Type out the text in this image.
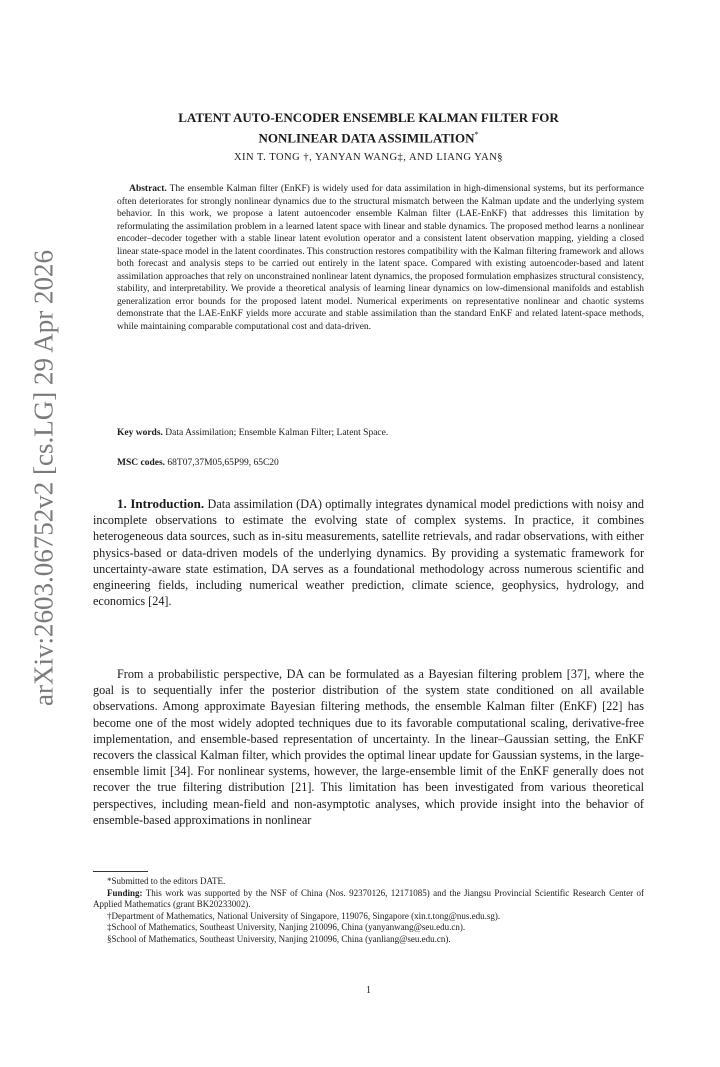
arXiv:2603.06752v2 [cs.LG] 29 Apr 2026
LATENT AUTO-ENCODER ENSEMBLE KALMAN FILTER FOR
NONLINEAR DATA ASSIMILATION*
XIN T. TONG †, YANYAN WANG‡, AND LIANG YAN§

Abstract. The ensemble Kalman filter (EnKF) is widely used for data assimilation in high-dimensional systems, but its performance often deteriorates for strongly nonlinear dynamics due to the structural mismatch between the Kalman update and the underlying system behavior. In this work, we propose a latent autoencoder ensemble Kalman filter (LAE-EnKF) that addresses this limitation by reformulating the assimilation problem in a learned latent space with linear and stable dynamics. The proposed method learns a nonlinear encoder–decoder together with a stable linear latent evolution operator and a consistent latent observation mapping, yielding a closed linear state-space model in the latent coordinates. This construction restores compatibility with the Kalman filtering framework and allows both forecast and analysis steps to be carried out entirely in the latent space. Compared with existing autoencoder-based and latent assimilation approaches that rely on unconstrained nonlinear latent dynamics, the proposed formulation emphasizes structural consistency, stability, and interpretability. We provide a theoretical analysis of learning linear dynamics on low-dimensional manifolds and establish generalization error bounds for the proposed latent model. Numerical experiments on representative nonlinear and chaotic systems demonstrate that the LAE-EnKF yields more accurate and stable assimilation than the standard EnKF and related latent-space methods, while maintaining comparable computational cost and data-driven.

Key words. Data Assimilation; Ensemble Kalman Filter; Latent Space.
MSC codes. 68T07,37M05,65P99, 65C20

1. Introduction. Data assimilation (DA) optimally integrates dynamical model predictions with noisy and incomplete observations to estimate the evolving state of complex systems. In practice, it combines heterogeneous data sources, such as in-situ measurements, satellite retrievals, and radar observations, with either physics-based or data-driven models of the underlying dynamics. By providing a systematic framework for uncertainty-aware state estimation, DA serves as a foundational methodology across numerous scientific and engineering fields, including numerical weather prediction, climate science, geophysics, hydrology, and economics [24].

From a probabilistic perspective, DA can be formulated as a Bayesian filtering problem [37], where the goal is to sequentially infer the posterior distribution of the system state conditioned on all available observations. Among approximate Bayesian filtering methods, the ensemble Kalman filter (EnKF) [22] has become one of the most widely adopted techniques due to its favorable computational scaling, derivative-free implementation, and ensemble-based representation of uncertainty. In the linear–Gaussian setting, the EnKF recovers the classical Kalman filter, which provides the optimal linear update for Gaussian systems, in the large-ensemble limit [34]. For nonlinear systems, however, the large-ensemble limit of the EnKF generally does not recover the true filtering distribution [21]. This limitation has been investigated from various theoretical perspectives, including mean-field and non-asymptotic analyses, which provide insight into the behavior of ensemble-based approximations in nonlinear

*Submitted to the editors DATE.

Funding: This work was supported by the NSF of China (Nos. 92370126, 12171085) and the Jiangsu Provincial Scientific Research Center of Applied Mathematics (grant BK20233002).

†Department of Mathematics, National University of Singapore, 119076, Singapore (xin.t.tong@nus.edu.sg).

‡School of Mathematics, Southeast University, Nanjing 210096, China (yanyanwang@seu.edu.cn).

§School of Mathematics, Southeast University, Nanjing 210096, China (yanliang@seu.edu.cn).

1
